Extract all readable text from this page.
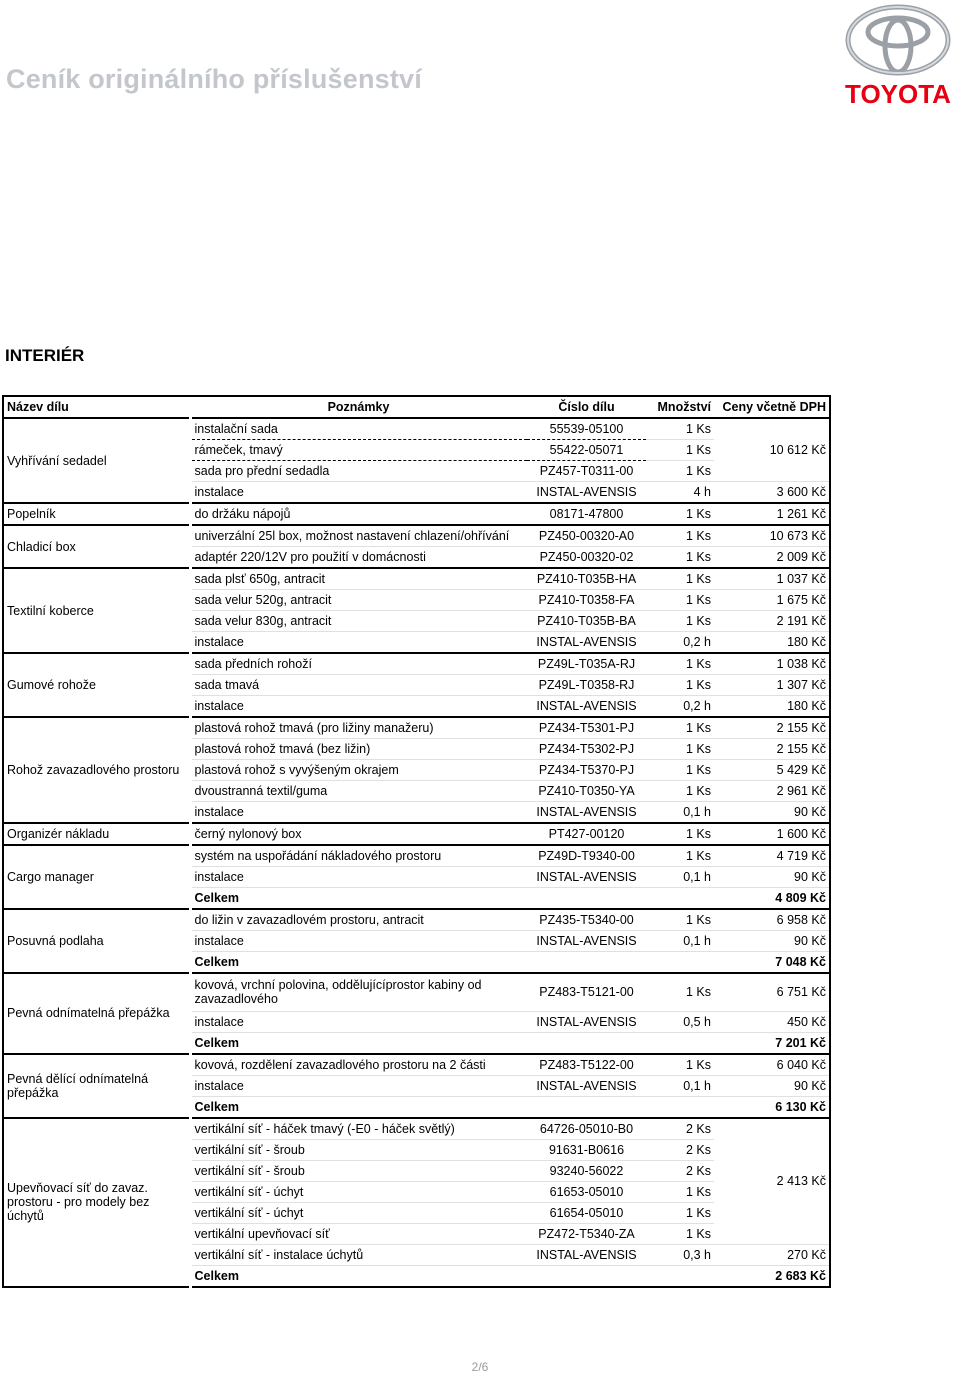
Ceník originálního příslušenství	TOYOTA
INTERIÉR
Název dílu	Poznámky	Číslo dílu	Množství	Ceny včetně DPH
Vyhřívání sedadel	instalační sada	55539-05100	1 Ks	10 612 Kč
	rámeček, tmavý	55422-05071	1 Ks	
	sada pro přední sedadla	PZ457-T0311-00	1 Ks	
	instalace	INSTAL-AVENSIS	4 h	3 600 Kč
Popelník	do držáku nápojů	08171-47800	1 Ks	1 261 Kč
Chladicí box	univerzální 25l box, možnost nastavení chlazení/ohřívání	PZ450-00320-A0	1 Ks	10 673 Kč
	adaptér 220/12V pro použití v domácnosti	PZ450-00320-02	1 Ks	2 009 Kč
Textilní koberce	sada plsť 650g, antracit	PZ410-T035B-HA	1 Ks	1 037 Kč
	sada velur 520g, antracit	PZ410-T0358-FA	1 Ks	1 675 Kč
	sada velur 830g, antracit	PZ410-T035B-BA	1 Ks	2 191 Kč
	instalace	INSTAL-AVENSIS	0,2 h	180 Kč
Gumové rohože	sada předních rohoží	PZ49L-T035A-RJ	1 Ks	1 038 Kč
	sada tmavá	PZ49L-T0358-RJ	1 Ks	1 307 Kč
	instalace	INSTAL-AVENSIS	0,2 h	180 Kč
Rohož zavazadlového prostoru	plastová rohož tmavá (pro ližiny manažeru)	PZ434-T5301-PJ	1 Ks	2 155 Kč
	plastová rohož tmavá (bez ližin)	PZ434-T5302-PJ	1 Ks	2 155 Kč
	plastová rohož s vyvýšeným okrajem	PZ434-T5370-PJ	1 Ks	5 429 Kč
	dvoustranná textil/guma	PZ410-T0350-YA	1 Ks	2 961 Kč
	instalace	INSTAL-AVENSIS	0,1 h	90 Kč
Organizér nákladu	černý nylonový box	PT427-00120	1 Ks	1 600 Kč
Cargo manager	systém na uspořádání nákladového prostoru	PZ49D-T9340-00	1 Ks	4 719 Kč
	instalace	INSTAL-AVENSIS	0,1 h	90 Kč
	Celkem			4 809 Kč
Posuvná podlaha	do ližin v zavazadlovém prostoru, antracit	PZ435-T5340-00	1 Ks	6 958 Kč
	instalace	INSTAL-AVENSIS	0,1 h	90 Kč
	Celkem			7 048 Kč
Pevná odnímatelná přepážka	kovová, vrchní polovina, oddělujícíprostor kabiny od zavazadlového	PZ483-T5121-00	1 Ks	6 751 Kč
	instalace	INSTAL-AVENSIS	0,5 h	450 Kč
	Celkem			7 201 Kč
Pevná dělící odnímatelná přepážka	kovová, rozdělení zavazadlového prostoru na 2 části	PZ483-T5122-00	1 Ks	6 040 Kč
	instalace	INSTAL-AVENSIS	0,1 h	90 Kč
	Celkem			6 130 Kč
Upevňovací síť do zavaz. prostoru - pro modely bez úchytů	vertikální síť - háček tmavý (-E0 - háček světlý)	64726-05010-B0	2 Ks	2 413 Kč
	vertikální síť - šroub	91631-B0616	2 Ks	
	vertikální síť - šroub	93240-56022	2 Ks	
	vertikální síť - úchyt	61653-05010	1 Ks	
	vertikální síť - úchyt	61654-05010	1 Ks	
	vertikální upevňovací síť	PZ472-T5340-ZA	1 Ks	
	vertikální síť - instalace úchytů	INSTAL-AVENSIS	0,3 h	270 Kč
	Celkem			2 683 Kč
2/6
